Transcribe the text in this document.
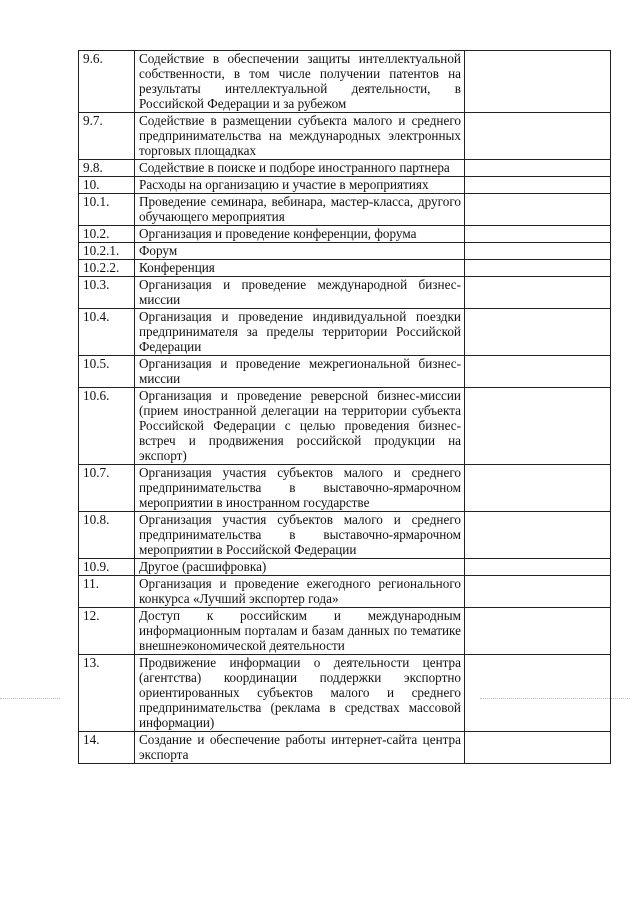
9.6.	Содействие в обеспечении защиты интеллектуальной собственности, в том числе получении патентов на результаты интеллектуальной деятельности, в Российской Федерации и за рубежом	
9.7.	Содействие в размещении субъекта малого и среднего предпринимательства на международных электронных торговых площадках	
9.8.	Содействие в поиске и подборе иностранного партнера	
10.	Расходы на организацию и участие в мероприятиях	
10.1.	Проведение семинара, вебинара, мастер-класса, другого обучающего мероприятия	
10.2.	Организация и проведение конференции, форума	
10.2.1.	Форум	
10.2.2.	Конференция	
10.3.	Организация и проведение международной бизнес-миссии	
10.4.	Организация и проведение индивидуальной поездки предпринимателя за пределы территории Российской Федерации	
10.5.	Организация и проведение межрегиональной бизнес-миссии	
10.6.	Организация и проведение реверсной бизнес-миссии (прием иностранной делегации на территории субъекта Российской Федерации с целью проведения бизнес-встреч и продвижения российской продукции на экспорт)	
10.7.	Организация участия субъектов малого и среднего предпринимательства в выставочно-ярмарочном мероприятии в иностранном государстве	
10.8.	Организация участия субъектов малого и среднего предпринимательства в выставочно-ярмарочном мероприятии в Российской Федерации	
10.9.	Другое (расшифровка)	
11.	Организация и проведение ежегодного регионального конкурса «Лучший экспортер года»	
12.	Доступ к российским и международным информационным порталам и базам данных по тематике внешнеэкономической деятельности	
13.	Продвижение информации о деятельности центра (агентства) координации поддержки экспортно ориентированных субъектов малого и среднего предпринимательства (реклама в средствах массовой информации)	
14.	Создание и обеспечение работы интернет-сайта центра экспорта	
